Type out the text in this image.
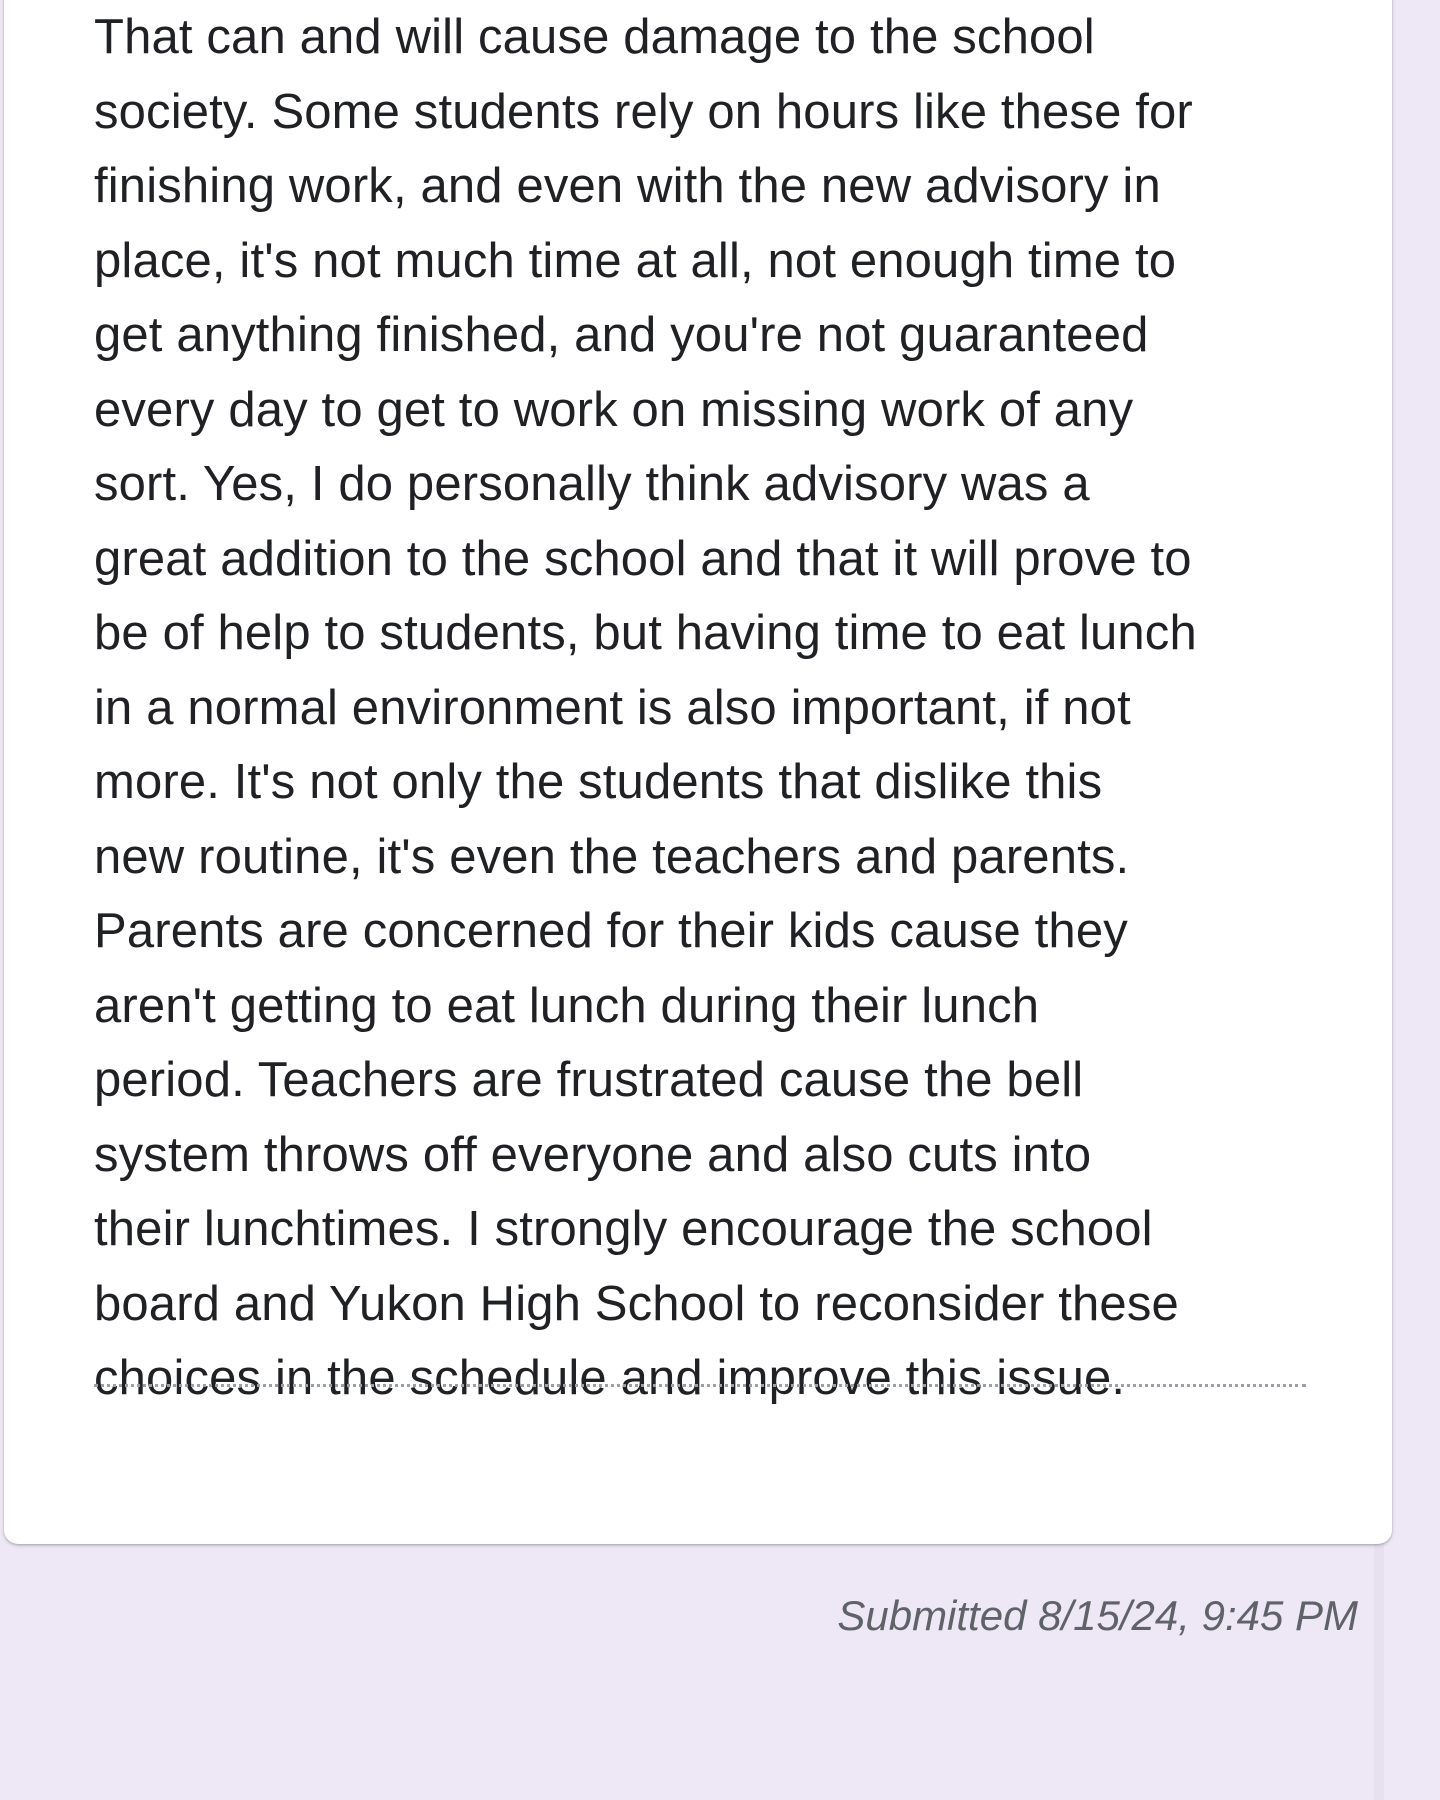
That can and will cause damage to the school
society. Some students rely on hours like these for
finishing work, and even with the new advisory in
place, it's not much time at all, not enough time to
get anything finished, and you're not guaranteed
every day to get to work on missing work of any
sort. Yes, I do personally think advisory was a
great addition to the school and that it will prove to
be of help to students, but having time to eat lunch
in a normal environment is also important, if not
more. It's not only the students that dislike this
new routine, it's even the teachers and parents.
Parents are concerned for their kids cause they
aren't getting to eat lunch during their lunch
period. Teachers are frustrated cause the bell
system throws off everyone and also cuts into
their lunchtimes. I strongly encourage the school
board and Yukon High School to reconsider these
choices in the schedule and improve this issue.

Submitted 8/15/24, 9:45 PM
